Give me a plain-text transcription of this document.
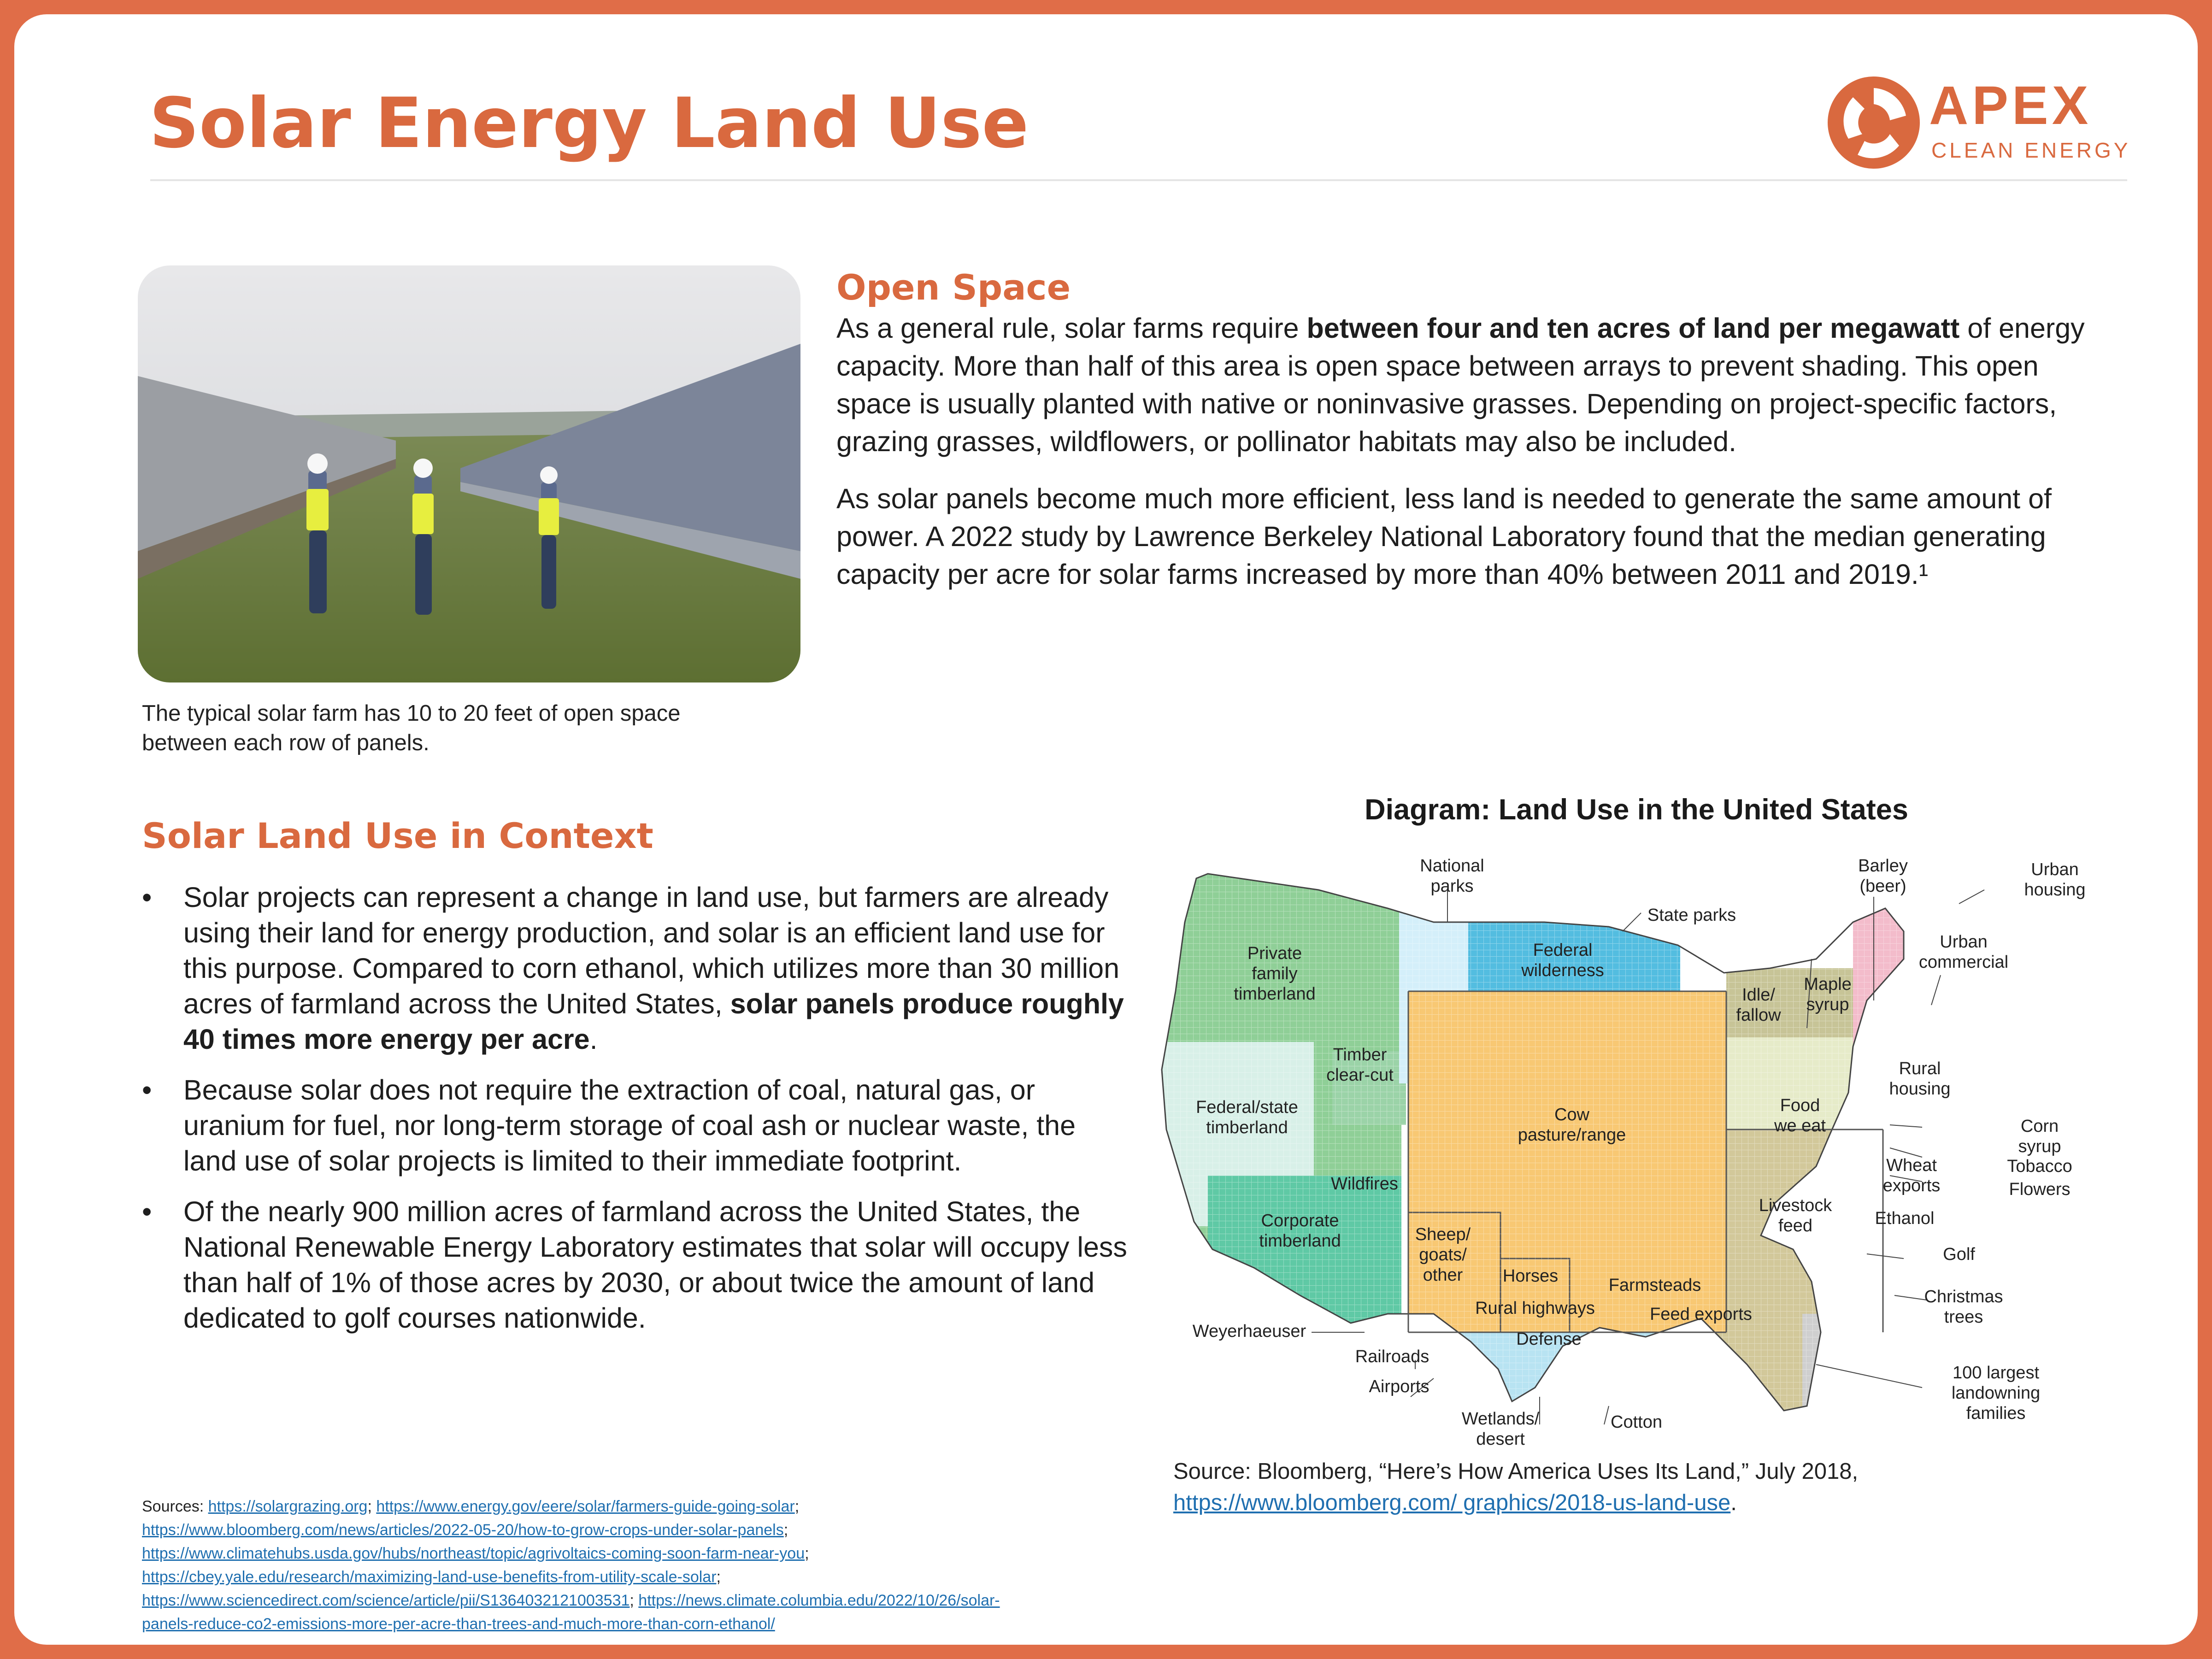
Solar Energy Land Use	APEX
CLEAN ENERGY
The typical solar farm has 10 to 20 feet of open space between each row of panels.
Open Space
As a general rule, solar farms require between four and ten acres of land per megawatt of energy capacity. More than half of this area is open space between arrays to prevent shading. This open space is usually planted with native or noninvasive grasses. Depending on project-specific factors, grazing grasses, wildflowers, or pollinator habitats may also be included.
As solar panels become much more efficient, less land is needed to generate the same amount of power. A 2022 study by Lawrence Berkeley National Laboratory found that the median generating capacity per acre for solar farms increased by more than 40% between 2011 and 2019.¹
Solar Land Use in Context
• Solar projects can represent a change in land use, but farmers are already using their land for energy production, and solar is an efficient land use for this purpose. Compared to corn ethanol, which utilizes more than 30 million acres of farmland across the United States, solar panels produce roughly 40 times more energy per acre.
• Because solar does not require the extraction of coal, natural gas, or uranium for fuel, nor long-term storage of coal ash or nuclear waste, the land use of solar projects is limited to their immediate footprint.
• Of the nearly 900 million acres of farmland across the United States, the National Renewable Energy Laboratory estimates that solar will occupy less than half of 1% of those acres by 2030, or about twice the amount of land dedicated to golf courses nationwide.
Diagram: Land Use in the United States
National
parks
State parks
Barley
(beer)
Urban
housing
Urban
commercial
Maple
syrup
Federal
wilderness
Private
family
timberland	Idle/
fallow
Timber
clear-cut	Rural
housing
Food
we eat
Cow
pasture/range
Federal/state
timberland	Corn
syrup
Tobacco
Flowers
Wheat
exports
Wildfires
Livestock
feed	Ethanol
Corporate
timberland	Sheep/
goats/
other
Golf
Horses	Farmsteads
Christmas
trees
Rural highways	Feed exports
Weyerhaeuser	Defense
Railroads
100 largest
landowning
families
Airports
Wetlands/
desert
Cotton
Source: Bloomberg, “Here’s How America Uses Its Land,” July 2018,
https://www.bloomberg.com/ graphics/2018-us-land-use.
Sources: https://solargrazing.org; https://www.energy.gov/eere/solar/farmers-guide-going-solar;
https://www.bloomberg.com/news/articles/2022-05-20/how-to-grow-crops-under-solar-panels;
https://www.climatehubs.usda.gov/hubs/northeast/topic/agrivoltaics-coming-soon-farm-near-you;
https://cbey.yale.edu/research/maximizing-land-use-benefits-from-utility-scale-solar;
https://www.sciencedirect.com/science/article/pii/S1364032121003531; https://news.climate.columbia.edu/2022/10/26/solar-
panels-reduce-co2-emissions-more-per-acre-than-trees-and-much-more-than-corn-ethanol/
